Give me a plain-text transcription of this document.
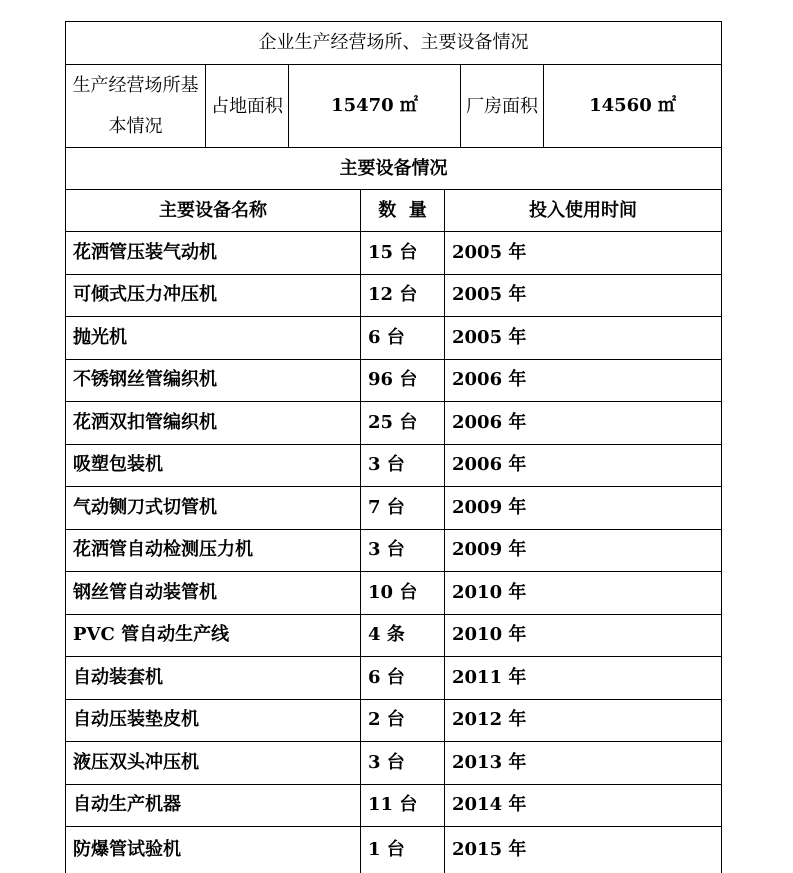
企业生产经营场所、主要设备情况
生产经营场所基本情况	占地面积	15470 ㎡	厂房面积	14560 ㎡
主要设备情况
主要设备名称	数  量	投入使用时间
花洒管压装气动机	15 台	2005 年
可倾式压力冲压机	12 台	2005 年
抛光机	6 台	2005 年
不锈钢丝管编织机	96 台	2006 年
花洒双扣管编织机	25 台	2006 年
吸塑包装机	3 台	2006 年
气动铡刀式切管机	7 台	2009 年
花洒管自动检测压力机	3 台	2009 年
钢丝管自动装管机	10 台	2010 年
PVC 管自动生产线	4 条	2010 年
自动装套机	6 台	2011 年
自动压装垫皮机	2 台	2012 年
液压双头冲压机	3 台	2013 年
自动生产机器	11 台	2014 年
防爆管试验机	1 台	2015 年
